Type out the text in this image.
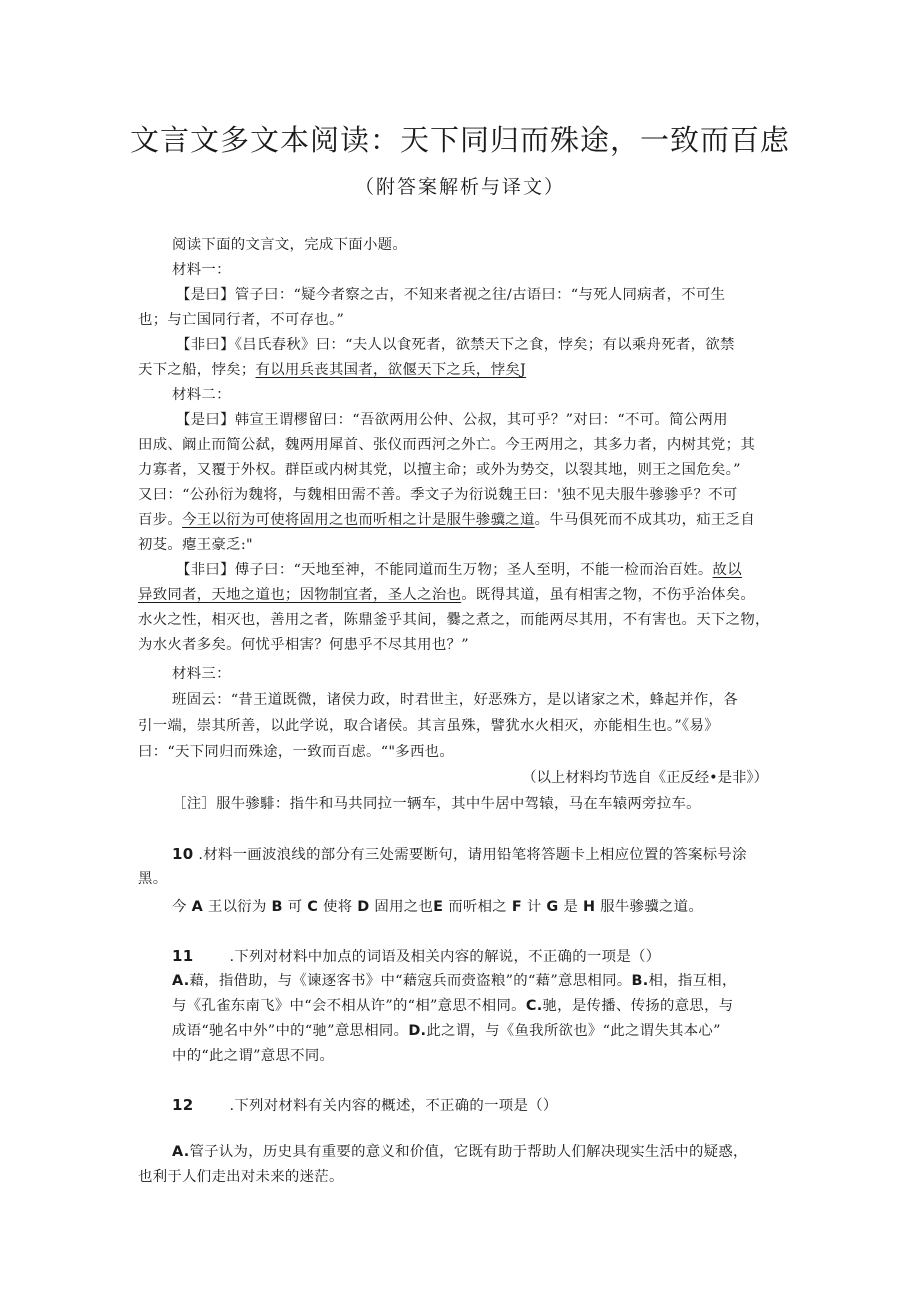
文言文多文本阅读：天下同归而殊途，一致而百虑
（附答案解析与译文）
阅读下面的文言文，完成下面小题。
材料一：
【是曰】管子曰：“疑今者察之古，不知来者视之往/古语曰：“与死人同病者，不可生
也；与亡国同行者，不可存也。”
【非曰】《吕氏春秋》曰：“夫人以食死者，欲禁天下之食，悖矣；有以乘舟死者，欲禁
天下之船，悖矣；有以用兵丧其国者，欲偃天下之兵，悖矣J
材料二：
【是曰】韩宣王谓樛留曰：“吾欲两用公仲、公叔，其可乎？”对曰：“不可。简公两用
田成、阚止而简公弑，魏两用犀首、张仪而西河之外亡。今王两用之，其多力者，内树其党；其
力寡者，又覆于外权。群臣或内树其党，以擅主命；或外为势交，以裂其地，则王之国危矣。”
又曰：“公孙衍为魏将，与魏相田需不善。季文子为衍说魏王曰：'独不见夫服牛骖骖乎？不可
百步。今王以衍为可使将固用之也而听相之计是服牛骖骥之道。牛马俱死而不成其功，疝王乏自
初芟。瘪王豪乏:"
【非曰】傅子曰：“天地至神，不能同道而生万物；圣人至明，不能一检而治百姓。故以
异致同者，天地之道也；因物制宜者，圣人之治也。既得其道，虽有相害之物，不伤乎治体矣。
水火之性，相灭也，善用之者，陈鼎釜乎其间，爨之煮之，而能两尽其用，不有害也。天下之物，
为水火者多矣。何忧乎相害？何患乎不尽其用也？”
材料三：
班固云：“昔王道既微，诸侯力政，时君世主，好恶殊方，是以诸家之术，蜂起并作，各
引一端，崇其所善，以此学说，取合诸侯。其言虽殊，譬犹水火相灭，亦能相生也。”《易》
曰：“天下同归而殊途，一致而百虑。“"多西也。
（以上材料均节选自《正反经•是非》）
［注］服牛骖騑：指牛和马共同拉一辆车，其中牛居中驾辕，马在车辕两旁拉车。
10 .材料一画波浪线的部分有三处需要断句，请用铅笔将答题卡上相应位置的答案标号涂
黑。
今 A 王以衍为 B 可 C 使将 D 固用之也E 而听相之 F 计 G 是 H 服牛骖骥之道。
11	.下列对材料中加点的词语及相关内容的解说，不正确的一项是（）
A.藉，指借助，与《谏逐客书》中“藉寇兵而赍盗粮”的“藉”意思相同。B.相，指互相，
与《孔雀东南飞》中“会不相从许”的“相”意思不相同。C.驰，是传播、传扬的意思，与
成语“驰名中外”中的“驰”意思相同。D.此之谓，与《鱼我所欲也》“此之谓失其本心”
中的“此之谓”意思不同。
12	.下列对材料有关内容的概述，不正确的一项是（）
A.管子认为，历史具有重要的意义和价值，它既有助于帮助人们解决现实生活中的疑惑，
也利于人们走出对未来的迷茫。
